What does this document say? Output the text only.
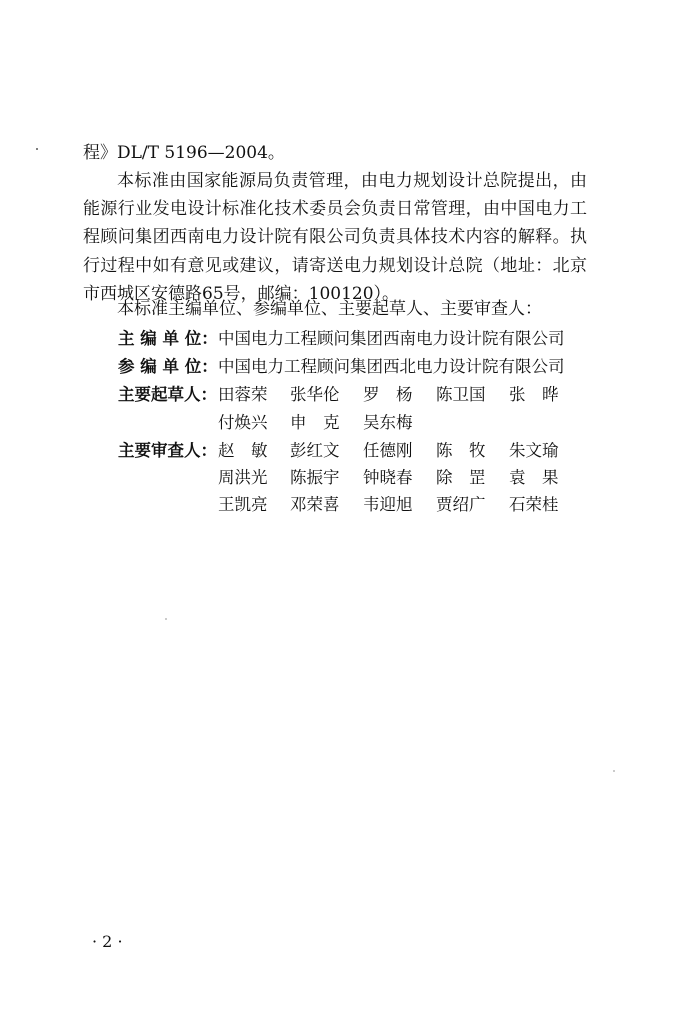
程》DL/T 5196—2004。

本标准由国家能源局负责管理，由电力规划设计总院提出，由能源行业发电设计标准化技术委员会负责日常管理，由中国电力工程顾问集团西南电力设计院有限公司负责具体技术内容的解释。执行过程中如有意见或建议，请寄送电力规划设计总院（地址：北京市西城区安德路65号，邮编：100120）。

本标准主编单位、参编单位、主要起草人、主要审查人：
主 编 单 位： 中国电力工程顾问集团西南电力设计院有限公司
参 编 单 位： 中国电力工程顾问集团西北电力设计院有限公司
主要起草人： 田蓉荣	张华伦	罗　杨	陈卫国	张　晔
付焕兴	申　克	吴东梅
主要审查人： 赵　敏	彭红文	任德刚	陈　牧	朱文瑜
周洪光	陈振宇	钟晓春	除　罡	袁　果
王凯亮	邓荣喜	韦迎旭	贾绍广	石荣桂
· 2 ·
